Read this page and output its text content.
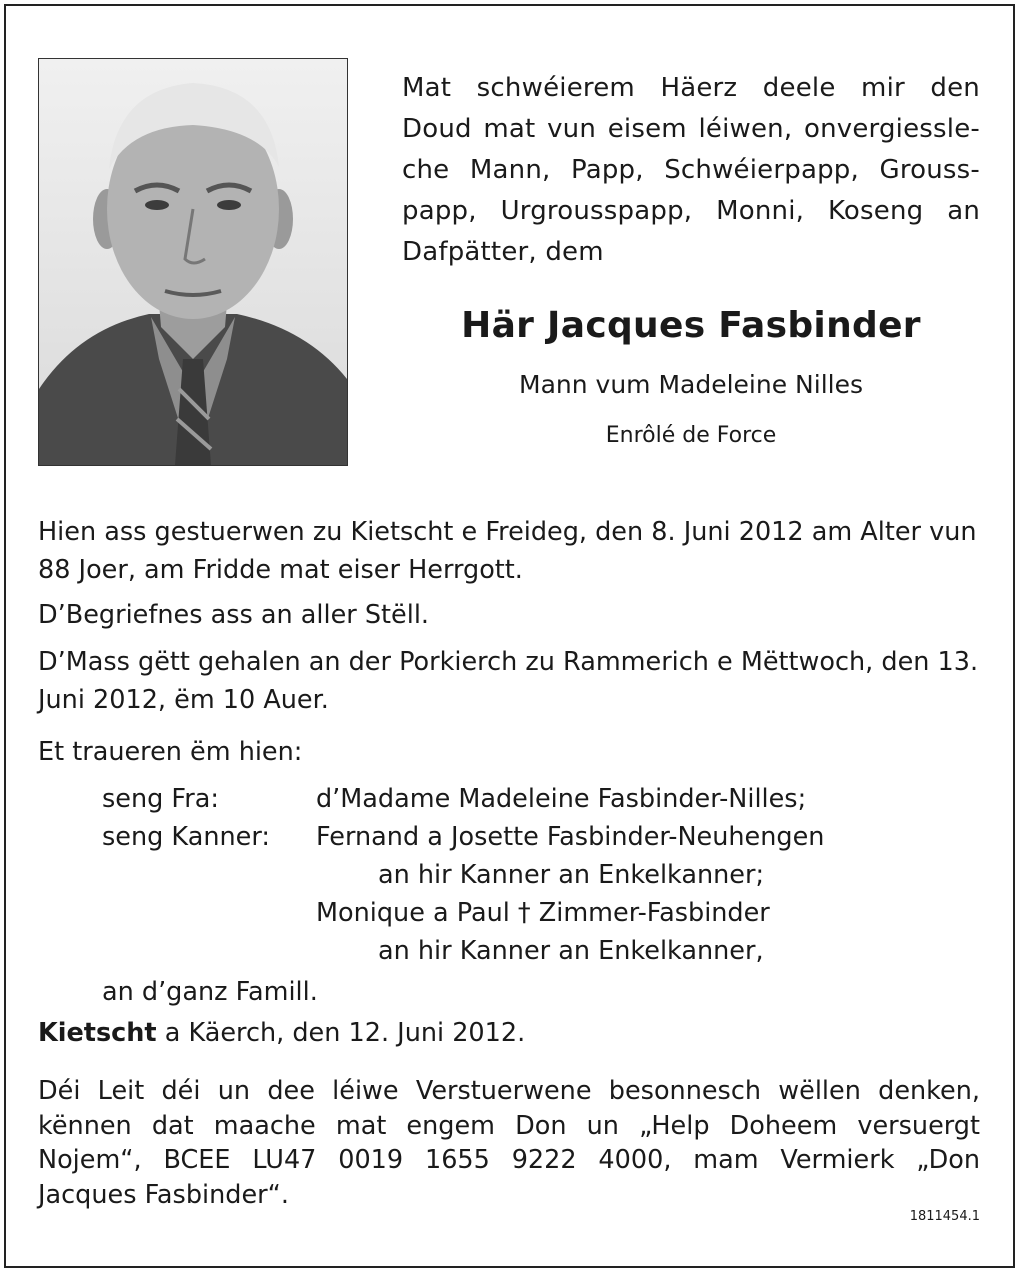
Mat schwéierem Häerz deele mir den
Doud mat vun eisem léiwen, onvergiessle-
che Mann, Papp, Schwéierpapp, Grouss-
papp, Urgrousspapp, Monni, Koseng an
Dafpätter, dem
Här Jacques Fasbinder
Mann vum Madeleine Nilles
Enrôlé de Force
Hien ass gestuerwen zu Kietscht e Freideg, den 8. Juni 2012 am Alter vun 88 Joer, am Fridde mat eiser Herrgott.
D’Begriefnes ass an aller Stëll.
D’Mass gëtt gehalen an der Porkierch zu Rammerich e Mëttwoch, den 13. Juni 2012, ëm 10 Auer.
Et traueren ëm hien:
seng Fra:	d’Madame Madeleine Fasbinder-Nilles;
seng Kanner: Fernand a Josette Fasbinder-Neuhengen
an hir Kanner an Enkelkanner;
Monique a Paul † Zimmer-Fasbinder
an hir Kanner an Enkelkanner,
an d’ganz Famill.
Kietscht a Käerch, den 12. Juni 2012.
Déi Leit déi un dee léiwe Verstuerwene besonnesch wëllen denken,
kënnen dat maache mat engem Don un „Help Doheem versuergt
Nojem“, BCEE LU47 0019 1655 9222 4000, mam Vermierk „Don
Jacques Fasbinder“.
1811454.1
